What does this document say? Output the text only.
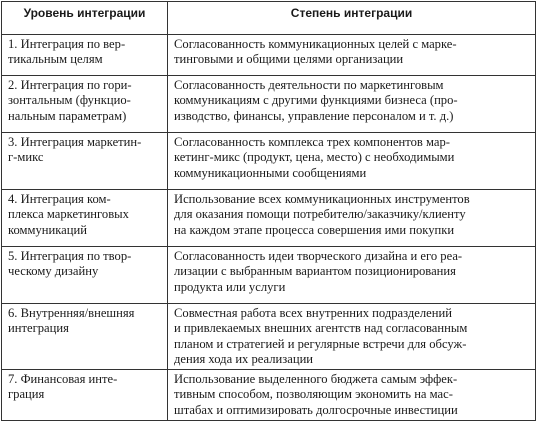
Уровень интеграции	Степень интеграции

1. Интеграция по вер-
тикальным целям	Согласованность коммуникационных целей с марке-
тинговыми и общими целями организации

2. Интеграция по гори-
зонтальным (функцио-
нальным параметрам)	Согласованность деятельности по маркетинговым
коммуникациям с другими функциями бизнеса (про-
изводство, финансы, управление персоналом и т. д.)

3. Интеграция маркетин-
г-микс	Согласованность комплекса трех компонентов мар-
кетинг-микс (продукт, цена, место) с необходимыми
коммуникационными сообщениями

4. Интеграция ком-
плекса маркетинговых
коммуникаций	Использование всех коммуникационных инструментов
для оказания помощи потребителю/заказчику/клиенту
на каждом этапе процесса совершения ими покупки

5. Интеграция по твор-
ческому дизайну	Согласованность идеи творческого дизайна и его реа-
лизации с выбранным вариантом позиционирования
продукта или услуги

6. Внутренняя/внешняя
интеграция	Совместная работа всех внутренних подразделений
и привлекаемых внешних агентств над согласованным
планом и стратегией и регулярные встречи для обсуж-
дения хода их реализации

7. Финансовая инте-
грация	Использование выделенного бюджета самым эффек-
тивным способом, позволяющим экономить на мас-
штабах и оптимизировать долгосрочные инвестиции
